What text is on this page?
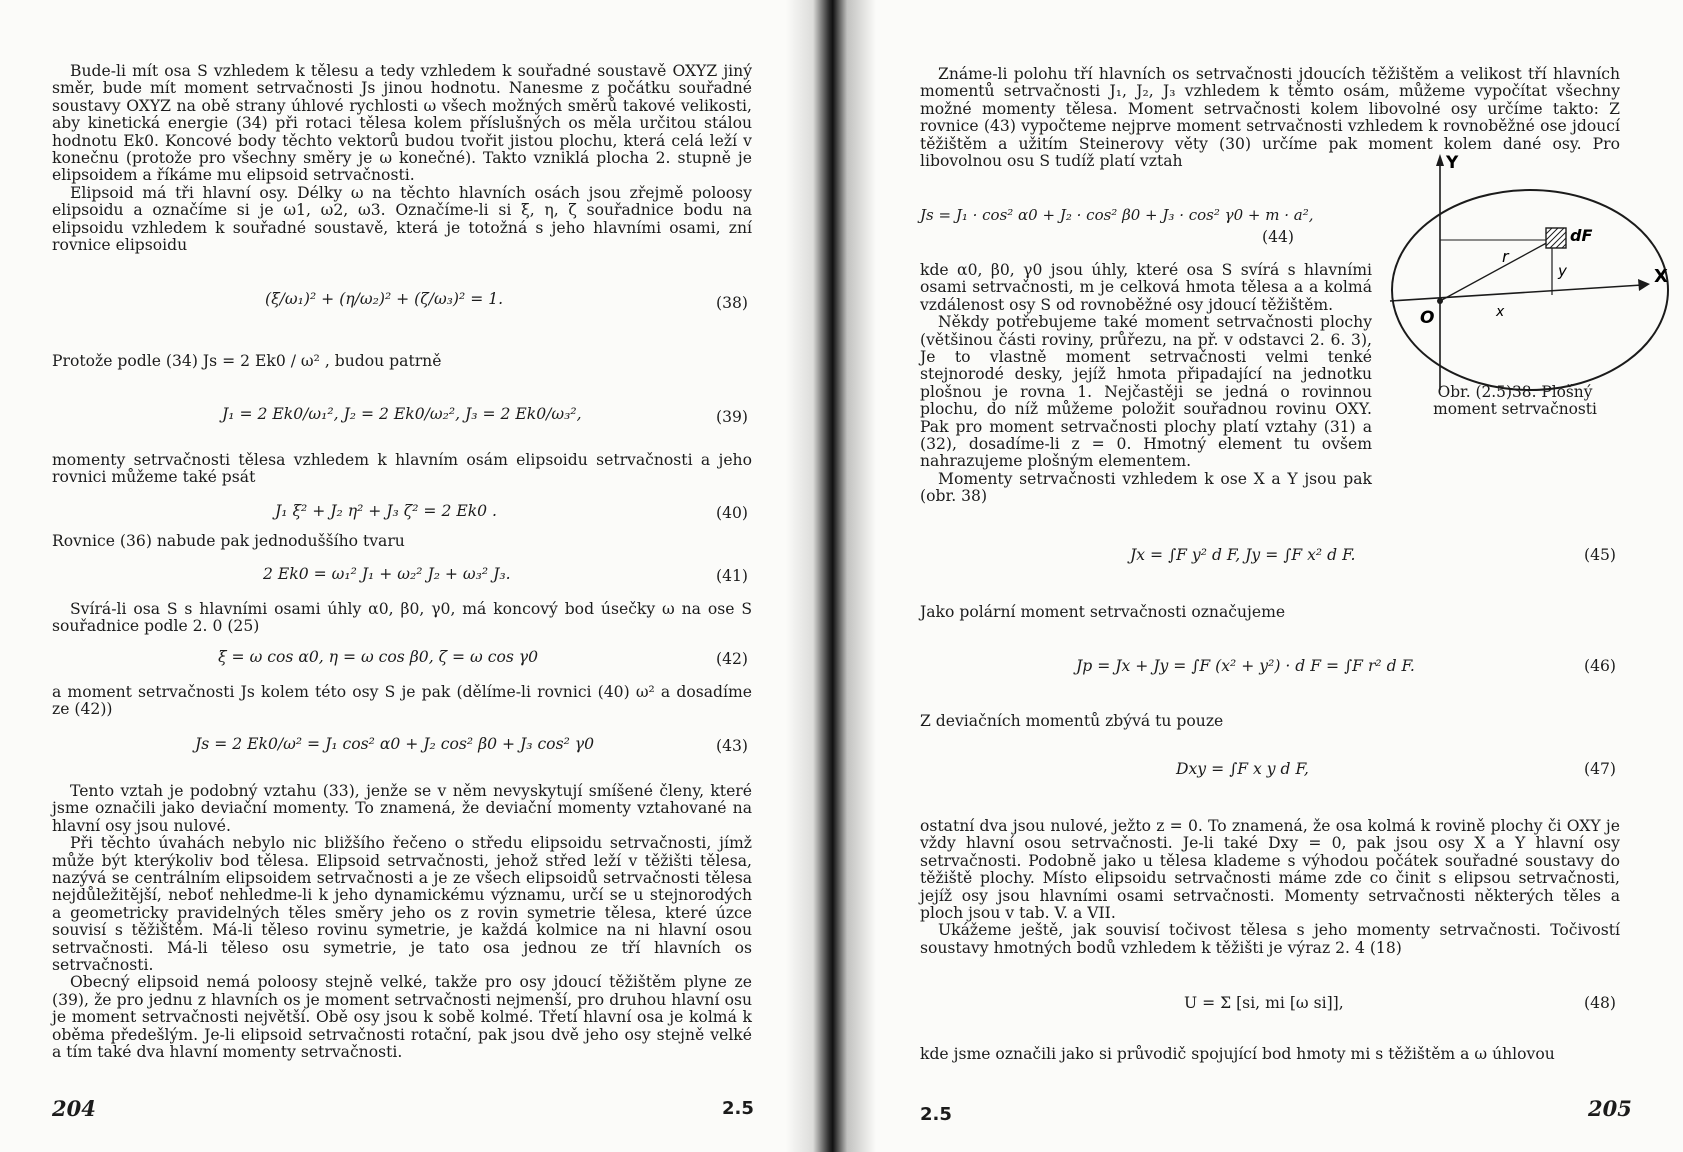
Bude-li mít osa S vzhledem k tělesu a tedy vzhledem k souřadné soustavě OXYZ jiný směr, bude mít moment setrvačnosti Js jinou hodnotu. Nanesme z počátku souřadné soustavy OXYZ na obě strany úhlové rychlosti ω všech možných směrů takové velikosti, aby kinetická energie (34) při rotaci tělesa kolem příslušných os měla určitou stálou hodnotu Ek0. Koncové body těchto vektorů budou tvořit jistou plochu, která celá leží v konečnu (protože pro všechny směry je ω konečné). Takto vzniklá plocha 2. stupně je elipsoidem a říkáme mu elipsoid setrvačnosti.

Elipsoid má tři hlavní osy. Délky ω na těchto hlavních osách jsou zřejmě poloosy elipsoidu a označíme si je ω1, ω2, ω3. Označíme-li si ξ, η, ζ souřadnice bodu na elipsoidu vzhledem k souřadné soustavě, která je totožná s jeho hlavními osami, zní rovnice elipsoidu

(ξ/ω₁)² + (η/ω₂)² + (ζ/ω₃)² = 1.	(38)
Protože podle (34) Js = 2 Ek0 / ω² , budou patrně
J₁ = 2 Ek0/ω₁², J₂ = 2 Ek0/ω₂², J₃ = 2 Ek0/ω₃²,	(39)

momenty setrvačnosti tělesa vzhledem k hlavním osám elipsoidu setrvačnosti a jeho rovnici můžeme také psát

J₁ ξ² + J₂ η² + J₃ ζ² = 2 Ek0 .	(40)

Rovnice (36) nabude pak jednoduššího tvaru

2 Ek0 = ω₁² J₁ + ω₂² J₂ + ω₃² J₃.	(41)

Svírá-li osa S s hlavními osami úhly α0, β0, γ0, má koncový bod úsečky ω na ose S souřadnice podle 2. 0 (25)

ξ = ω cos α0, η = ω cos β0, ζ = ω cos γ0	(42)

a moment setrvačnosti Js kolem této osy S je pak (dělíme-li rovnici (40) ω² a dosadíme ze (42))

Js = 2 Ek0/ω² = J₁ cos² α0 + J₂ cos² β0 + J₃ cos² γ0	(43)

Tento vztah je podobný vztahu (33), jenže se v něm nevyskytují smíšené členy, které jsme označili jako deviační momenty. To znamená, že deviační momenty vztahované na hlavní osy jsou nulové.

Při těchto úvahách nebylo nic bližšího řečeno o středu elipsoidu setrvačnosti, jímž může být kterýkoliv bod tělesa. Elipsoid setrvačnosti, jehož střed leží v těžišti tělesa, nazývá se centrálním elipsoidem setrvačnosti a je ze všech elipsoidů setrvačnosti tělesa nejdůležitější, neboť nehledme-li k jeho dynamickému významu, určí se u stejnorodých a geometricky pravidelných těles směry jeho os z rovin symetrie tělesa, které úzce souvisí s těžištěm. Má-li těleso rovinu symetrie, je každá kolmice na ni hlavní osou setrvačnosti. Má-li těleso osu symetrie, je tato osa jednou ze tří hlavních os setrvačnosti.

Obecný elipsoid nemá poloosy stejně velké, takže pro osy jdoucí těžištěm plyne ze (39), že pro jednu z hlavních os je moment setrvačnosti nejmenší, pro druhou hlavní osu je moment setrvačnosti největší. Obě osy jsou k sobě kolmé. Třetí hlavní osa je kolmá k oběma předešlým. Je-li elipsoid setrvačnosti rotační, pak jsou dvě jeho osy stejně velké a tím také dva hlavní momenty setrvačnosti.

204	2.5

Známe-li polohu tří hlavních os setrvačnosti jdoucích těžištěm a velikost tří hlavních momentů setrvačnosti J₁, J₂, J₃ vzhledem k těmto osám, můžeme vypočítat všechny možné momenty tělesa. Moment setrvačnosti kolem libovolné osy určíme takto: Z rovnice (43) vypočteme nejprve moment setrvačnosti vzhledem k rovnoběžné ose jdoucí těžištěm a užitím Steinerovy věty (30) určíme pak moment kolem dané osy. Pro libovolnou osu S tudíž platí vztah

Js = J₁ · cos² α0 + J₂ · cos² β0 + J₃ · cos² γ0 + m · a²,
(44)

kde α0, β0, γ0 jsou úhly, které osa S svírá s hlavními osami setrvačnosti, m je celková hmota tělesa a a kolmá vzdálenost osy S od rovnoběžné osy jdoucí těžištěm.

Někdy potřebujeme také moment setrvačnosti plochy (většinou části roviny, průřezu, na př. v odstavci 2. 6. 3), Je to vlastně moment setrvačnosti velmi tenké stejnorodé desky, jejíž hmota připadající na jednotku plošnou je rovna 1. Nejčastěji se jedná o rovinnou plochu, do níž můžeme položit souřadnou rovinu OXY. Pak pro moment setrvačnosti plochy platí vztahy (31) a (32), dosadíme-li z = 0. Hmotný element tu ovšem nahrazujeme plošným elementem.

Momenty setrvačnosti vzhledem k ose X a Y jsou pak (obr. 38)

Y
X
O
r
dF
x
y
Obr. (2.5)38. Plošný moment setrvačnosti
Jx = ∫F y² d F, Jy = ∫F x² d F.	(45)

Jako polární moment setrvačnosti označujeme

Jp = Jx + Jy = ∫F (x² + y²) · d F = ∫F r² d F.	(46)

Z deviačních momentů zbývá tu pouze

Dxy = ∫F x y d F,	(47)

ostatní dva jsou nulové, ježto z = 0. To znamená, že osa kolmá k rovině plochy či OXY je vždy hlavní osou setrvačnosti. Je-li také Dxy = 0, pak jsou osy X a Y hlavní osy setrvačnosti. Podobně jako u tělesa klademe s výhodou počátek souřadné soustavy do těžiště plochy. Místo elipsoidu setrvačnosti máme zde co činit s elipsou setrvačnosti, jejíž osy jsou hlavními osami setrvačnosti. Momenty setrvačnosti některých těles a ploch jsou v tab. V. a VII.

Ukážeme ještě, jak souvisí točivost tělesa s jeho momenty setrvačnosti. Točivostí soustavy hmotných bodů vzhledem k těžišti je výraz 2. 4 (18)

U = Σ [si, mi [ω si]],	(48)

kde jsme označili jako si průvodič spojující bod hmoty mi s těžištěm a ω úhlovou

2.5	205
